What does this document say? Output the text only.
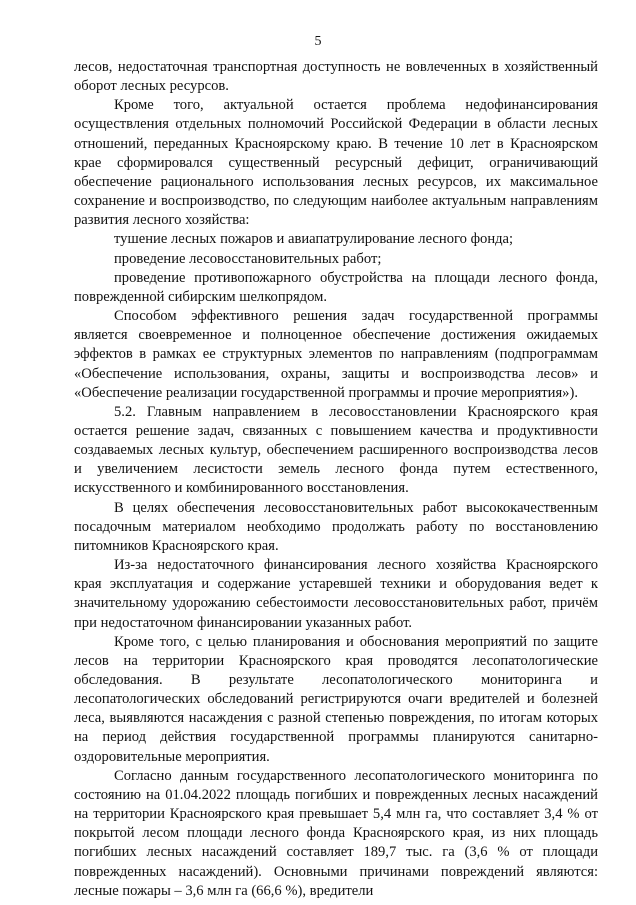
5

лесов, недостаточная транспортная доступность не вовлеченных в хозяйственный оборот лесных ресурсов.

Кроме того, актуальной остается проблема недофинансирования осуществления отдельных полномочий Российской Федерации в области лесных отношений, переданных Красноярскому краю. В течение 10 лет в Красноярском крае сформировался существенный ресурсный дефицит, ограничивающий обеспечение рационального использования лесных ресурсов, их максимальное сохранение и воспроизводство, по следующим наиболее актуальным направлениям развития лесного хозяйства:

тушение лесных пожаров и авиапатрулирование лесного фонда;

проведение лесовосстановительных работ;

проведение противопожарного обустройства на площади лесного фонда, поврежденной сибирским шелкопрядом.

Способом эффективного решения задач государственной программы является своевременное и полноценное обеспечение достижения ожидаемых эффектов в рамках ее структурных элементов по направлениям (подпрограммам «Обеспечение использования, охраны, защиты и воспроизводства лесов» и «Обеспечение реализации государственной программы и прочие мероприятия»).

5.2. Главным направлением в лесовосстановлении Красноярского края остается решение задач, связанных с повышением качества и продуктивности создаваемых лесных культур, обеспечением расширенного воспроизводства лесов и увеличением лесистости земель лесного фонда путем естественного, искусственного и комбинированного восстановления.

В целях обеспечения лесовосстановительных работ высококачественным посадочным материалом необходимо продолжать работу по восстановлению питомников Красноярского края.

Из-за недостаточного финансирования лесного хозяйства Красноярского края эксплуатация и содержание устаревшей техники и оборудования ведет к значительному удорожанию себестоимости лесовосстановительных работ, причём при недостаточном финансировании указанных работ.

Кроме того, с целью планирования и обоснования мероприятий по защите лесов на территории Красноярского края проводятся лесопатологические обследования. В результате лесопатологического мониторинга и лесопатологических обследований регистрируются очаги вредителей и болезней леса, выявляются насаждения с разной степенью повреждения, по итогам которых на период действия государственной программы планируются санитарно-оздоровительные мероприятия.

Согласно данным государственного лесопатологического мониторинга по состоянию на 01.04.2022 площадь погибших и поврежденных лесных насаждений на территории Красноярского края превышает 5,4 млн га, что составляет 3,4 % от покрытой лесом площади лесного фонда Красноярского края, из них площадь погибших лесных насаждений составляет 189,7 тыс. га (3,6 % от площади поврежденных насаждений). Основными причинами повреждений являются: лесные пожары – 3,6 млн га (66,6 %), вредители
